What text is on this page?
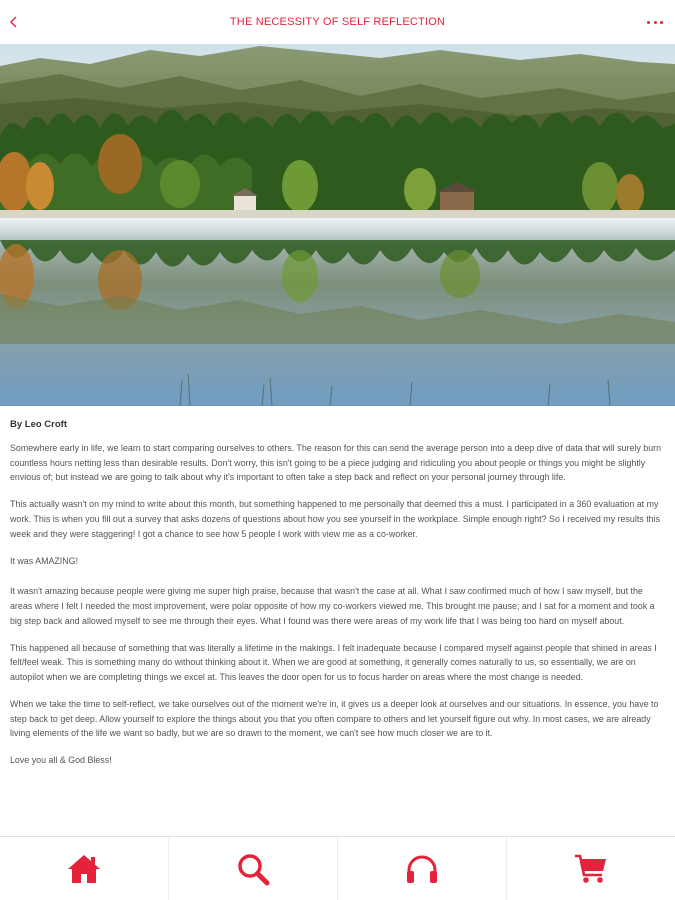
THE NECESSITY OF SELF REFLECTION
By Leo Croft

Somewhere early in life, we learn to start comparing ourselves to others. The reason for this can send the average person into a deep dive of data that will surely burn countless hours netting less than desirable results. Don't worry, this isn't going to be a piece judging and ridiculing you about people or things you might be slightly envious of; but instead we are going to talk about why it's important to often take a step back and reflect on your personal journey through life.

This actually wasn't on my mind to write about this month, but something happened to me personally that deemed this a must. I participated in a 360 evaluation at my work. This is when you fill out a survey that asks dozens of questions about how you see yourself in the workplace. Simple enough right? So I received my results this week and they were staggering! I got a chance to see how 5 people I work with view me as a co-worker.

It was AMAZING!

It wasn't amazing because people were giving me super high praise, because that wasn't the case at all. What I saw confirmed much of how I saw myself, but the areas where I felt I needed the most improvement, were polar opposite of how my co-workers viewed me. This brought me pause; and I sat for a moment and took a big step back and allowed myself to see me through their eyes. What I found was there were areas of my work life that I was being too hard on myself about.

This happened all because of something that was literally a lifetime in the makings. I felt inadequate because I compared myself against people that shined in areas I felt/feel weak. This is something many do without thinking about it. When we are good at something, it generally comes naturally to us, so essentially, we are on autopilot when we are completing things we excel at. This leaves the door open for us to focus harder on areas where the most change is needed.

When we take the time to self-reflect, we take ourselves out of the moment we're in, it gives us a deeper look at ourselves and our situations. In essence, you have to step back to get deep. Allow yourself to explore the things about you that you often compare to others and let yourself figure out why. In most cases, we are already living elements of the life we want so badly, but we are so drawn to the moment, we can't see how much closer we are to it.

Love you all & God Bless!
